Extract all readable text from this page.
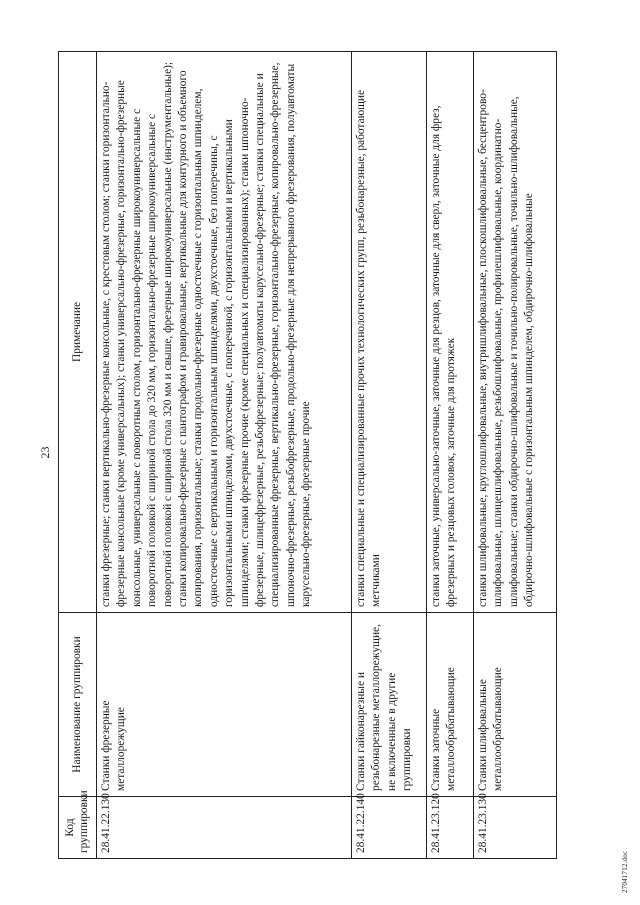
23
Код группировки	Наименование группировки	Примечание
28.41.22.130	Станки фрезерные металлорежущие	станки фрезерные; станки вертикально-фрезерные консольные, с крестовым столом; станки горизонтально-фрезерные консольные (кроме универсальных); станки универсально-фрезерные, горизонтально-фрезерные консольные, универсальные с поворотным столом, горизонтально-фрезерные широкоуниверсальные с поворотной головкой с шириной стола до 320 мм, горизонтально-фрезерные широкоуниверсальные с поворотной головкой с шириной стола 320 мм и свыше, фрезерные широкоуниверсальные (инструментальные); станки копировально-фрезерные с пантографом и гравировальные, вертикальные для контурного и объемного копирования, горизонтальные; станки продольно-фрезерные одностоечные с горизонтальным шпинделем, одностоечные с вертикальным и горизонтальным шпинделями, двухстоечные, без поперечины, с горизонтальными шпинделями, двухстоечные, с поперечиной, с горизонтальными и вертикальными шпинделями; станки фрезерные прочие (кроме специальных и специализированных); станки шпоночно-фрезерные, шлицефрезерные, резьбофрезерные; полуавтоматы карусельно-фрезерные; станки специальные и специализированные фрезерные, вертикально-фрезерные, горизонтально-фрезерные, копировально-фрезерные, шпоночно-фрезерные, резьбофрезерные, продольно-фрезерные для непрерывного фрезерования, полуавтоматы карусельно-фрезерные, фрезерные прочие
28.41.22.140	Станки гайконарезные и резьбонарезные металлорежущие, не включенные в другие группировки	станки специальные и специализированные прочих технологических групп, резьбонарезные, работающие метчиками
28.41.23.120	Станки заточные металлообрабатывающие	станки заточные, универсально-заточные, заточные для резцов, заточные для сверл, заточные для фрез, фрезерных и резцовых головок, заточные для протяжек
28.41.23.130	Станки шлифовальные металлообрабатывающие	станки шлифовальные, круглошлифовальные, внутришлифовальные, плоскошлифовальные, бесцентрово-шлифовальные, шлицешлифовальные, резьбошлифовальные, профилешлифовальные, координатно-шлифовальные; станки обдирочно-шлифовальные и точильно-полировальные, точильно-шлифовальные, обдирочно-шлифовальные с горизонтальным шпинделем, обдирочно-шлифовальные
27041712.doc
